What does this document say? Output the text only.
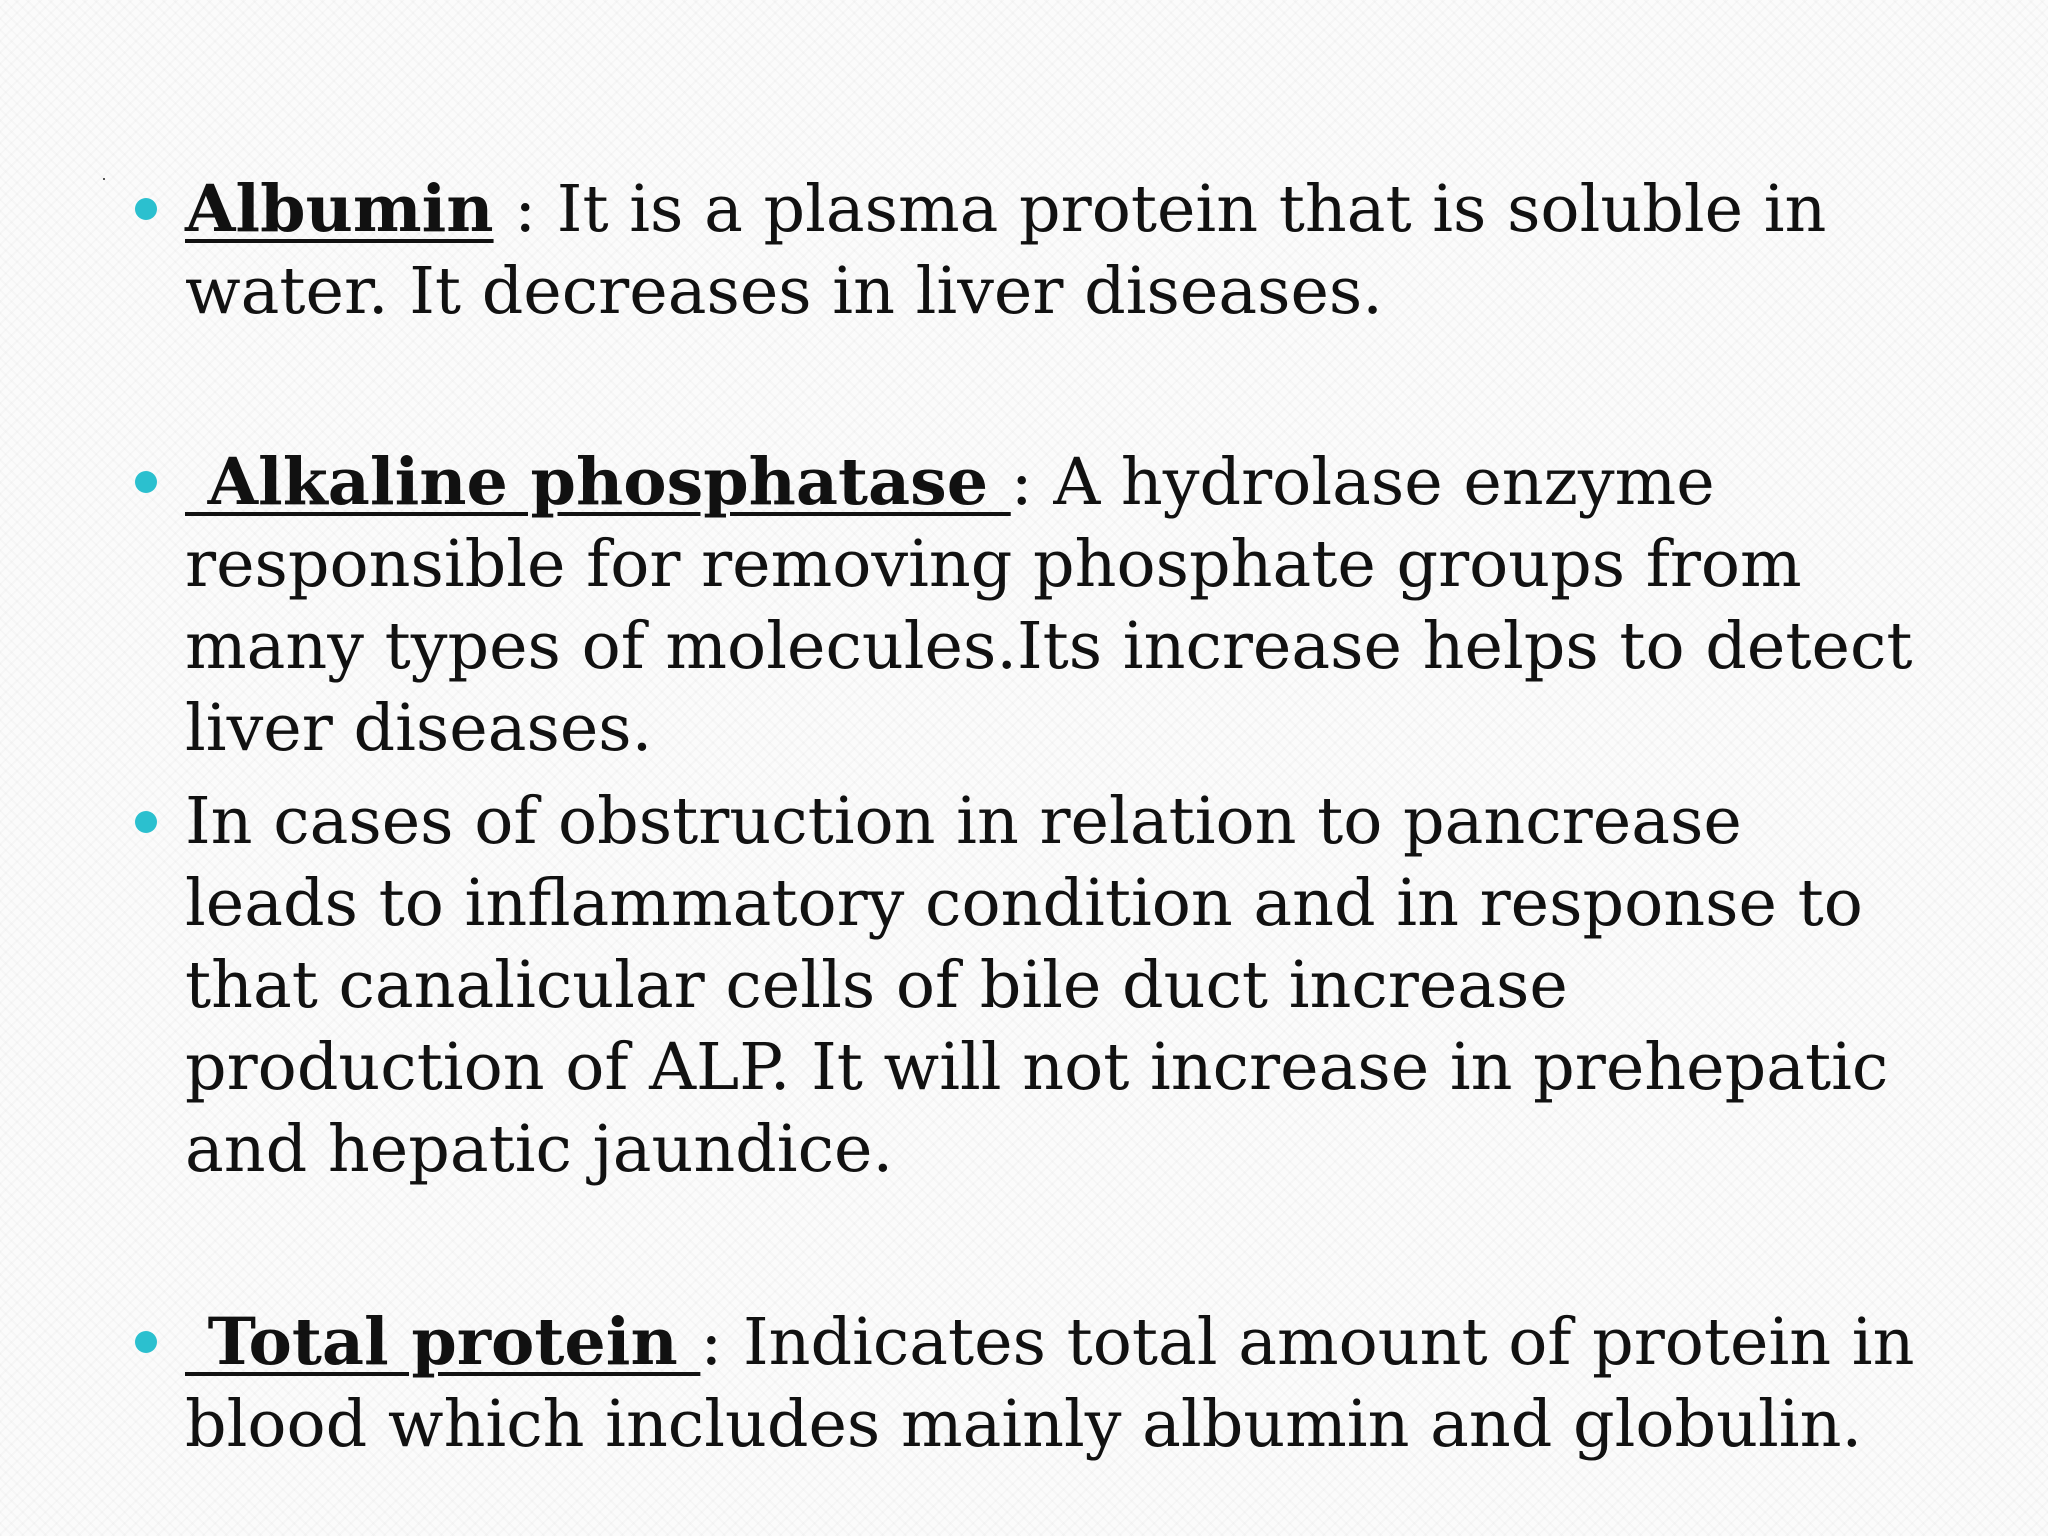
Albumin : It is a plasma protein that is soluble in water. It decreases in liver diseases.
Alkaline phosphatase : A hydrolase enzyme responsible for removing phosphate groups from many types of molecules.Its increase helps to detect liver diseases.
In cases of obstruction in relation to pancrease leads to inflammatory condition and in response to that canalicular cells of bile duct increase production of ALP. It will not increase in prehepatic and hepatic jaundice.
Total protein : Indicates total amount of protein in blood which includes mainly albumin and globulin.
